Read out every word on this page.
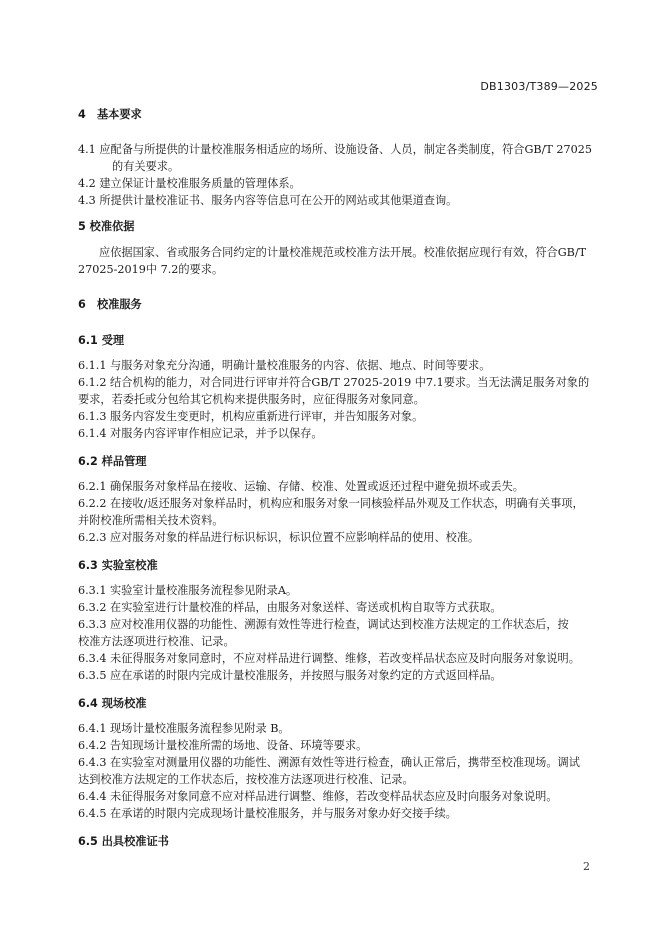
DB1303/T389—2025
4　基本要求
4.1 应配备与所提供的计量校准服务相适应的场所、设施设备、人员，制定各类制度，符合GB/T 27025
的有关要求。
4.2 建立保证计量校准服务质量的管理体系。
4.3 所提供计量校准证书、服务内容等信息可在公开的网站或其他渠道查询。
5 校准依据
应依据国家、省或服务合同约定的计量校准规范或校准方法开展。校准依据应现行有效，符合GB/T
27025-2019中 7.2的要求。
6　校准服务
6.1 受理
6.1.1 与服务对象充分沟通，明确计量校准服务的内容、依据、地点、时间等要求。
6.1.2 结合机构的能力，对合同进行评审并符合GB/T 27025-2019 中7.1要求。当无法满足服务对象的
要求，若委托或分包给其它机构来提供服务时，应征得服务对象同意。
6.1.3 服务内容发生变更时，机构应重新进行评审，并告知服务对象。
6.1.4 对服务内容评审作相应记录，并予以保存。
6.2 样品管理
6.2.1 确保服务对象样品在接收、运输、存储、校准、处置或返还过程中避免损坏或丢失。
6.2.2 在接收/返还服务对象样品时，机构应和服务对象一同核验样品外观及工作状态，明确有关事项，
并附校准所需相关技术资料。
6.2.3 应对服务对象的样品进行标识标识，标识位置不应影响样品的使用、校准。
6.3 实验室校准
6.3.1 实验室计量校准服务流程参见附录A。
6.3.2 在实验室进行计量校准的样品，由服务对象送样、寄送或机构自取等方式获取。
6.3.3 应对校准用仪器的功能性、溯源有效性等进行检查，调试达到校准方法规定的工作状态后，按
校准方法逐项进行校准、记录。
6.3.4 未征得服务对象同意时，不应对样品进行调整、维修，若改变样品状态应及时向服务对象说明。
6.3.5 应在承诺的时限内完成计量校准服务，并按照与服务对象约定的方式返回样品。
6.4 现场校准
6.4.1 现场计量校准服务流程参见附录 B。
6.4.2 告知现场计量校准所需的场地、设备、环境等要求。
6.4.3 在实验室对测量用仪器的功能性、溯源有效性等进行检查，确认正常后，携带至校准现场。调试
达到校准方法规定的工作状态后，按校准方法逐项进行校准、记录。
6.4.4 未征得服务对象同意不应对样品进行调整、维修，若改变样品状态应及时向服务对象说明。
6.4.5 在承诺的时限内完成现场计量校准服务，并与服务对象办好交接手续。
6.5 出具校准证书
2
